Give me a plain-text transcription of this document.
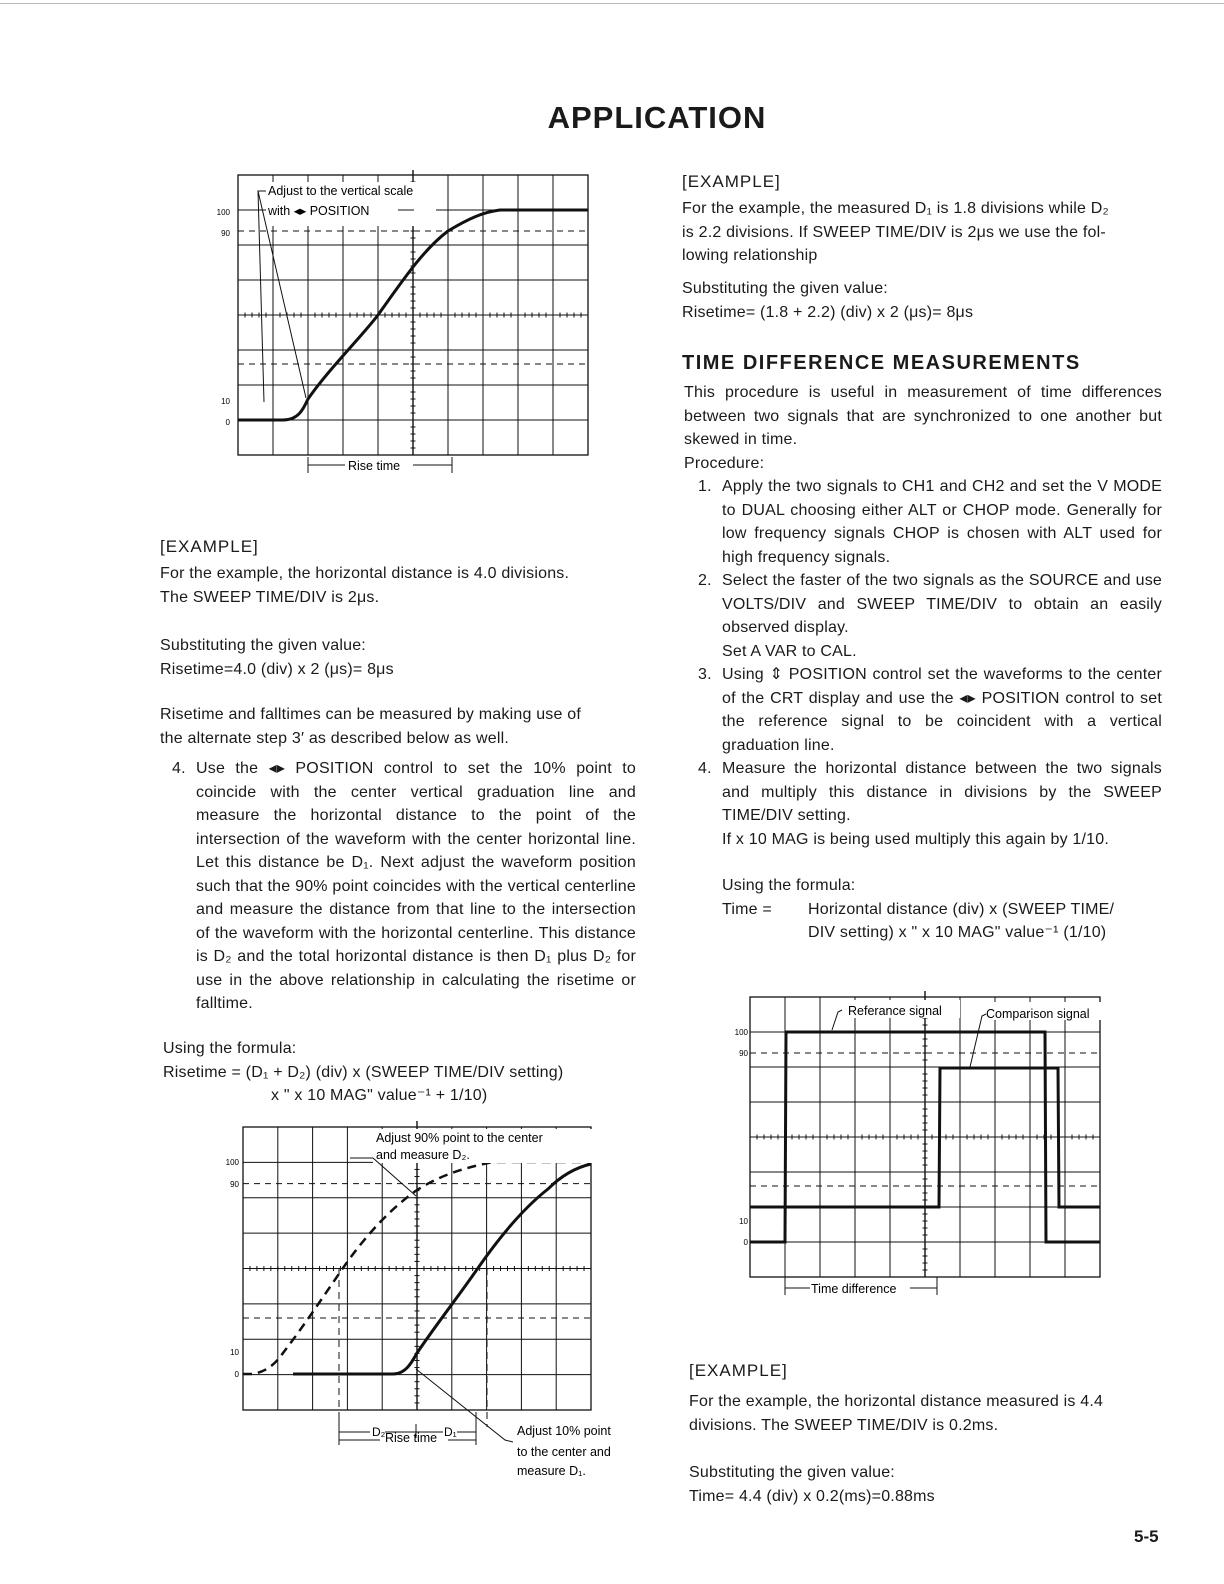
APPLICATION
100
90
10
0
Adjust to the vertical scale
with ◂▸ POSITION
Rise time
[EXAMPLE]
For the example, the horizontal distance is 4.0 divisions.
The SWEEP TIME/DIV is 2μs.
Substituting the given value:
Risetime=4.0 (div) x 2 (μs)= 8μs
Risetime and falltimes can be measured by making use of
the alternate step 3′ as described below as well.
4. Use the ◂▸ POSITION control to set the 10% point to coincide with the center vertical graduation line and measure the horizontal distance to the point of the intersection of the waveform with the center horizontal line. Let this distance be D₁. Next adjust the waveform position such that the 90% point coincides with the vertical centerline and measure the distance from that line to the intersection of the waveform with the horizontal centerline. This distance is D₂ and the total horizontal distance is then D₁ plus D₂ for use in the above relationship in calculating the risetime or falltime.
Using the formula:
Risetime = (D₁ + D₂) (div) x (SWEEP TIME/DIV setting)
x " x 10 MAG" value⁻¹ + 1/10)
100
90
10
0
Adjust 90% point to the center
and measure D₂.
D₂	D₁
Rise time	Adjust 10% point
to the center and
measure D₁.
[EXAMPLE]
For the example, the measured D₁ is 1.8 divisions while D₂
is 2.2 divisions. If SWEEP TIME/DIV is 2μs we use the fol-
lowing relationship
Substituting the given value:
Risetime= (1.8 + 2.2) (div) x 2 (μs)= 8μs
TIME DIFFERENCE MEASUREMENTS
This procedure is useful in measurement of time differences between two signals that are synchronized to one another but skewed in time.
Procedure:
1. Apply the two signals to CH1 and CH2 and set the V MODE to DUAL choosing either ALT or CHOP mode. Generally for low frequency signals CHOP is chosen with ALT used for high frequency signals.
2. Select the faster of the two signals as the SOURCE and use VOLTS/DIV and SWEEP TIME/DIV to obtain an easily observed display.
Set A VAR to CAL.
3. Using ⇕ POSITION control set the waveforms to the center of the CRT display and use the ◂▸ POSITION control to set the reference signal to be coincident with a vertical graduation line.
4. Measure the horizontal distance between the two signals and multiply this distance in divisions by the SWEEP TIME/DIV setting.
If x 10 MAG is being used multiply this again by 1/10.
Using the formula:
Time = Horizontal distance (div) x (SWEEP TIME/
DIV setting) x " x 10 MAG" value⁻¹ (1/10)
100
90
10
0
Referance signal	Comparison signal
Time difference
[EXAMPLE]
For the example, the horizontal distance measured is 4.4
divisions. The SWEEP TIME/DIV is 0.2ms.
Substituting the given value:
Time= 4.4 (div) x 0.2(ms)=0.88ms
5-5
